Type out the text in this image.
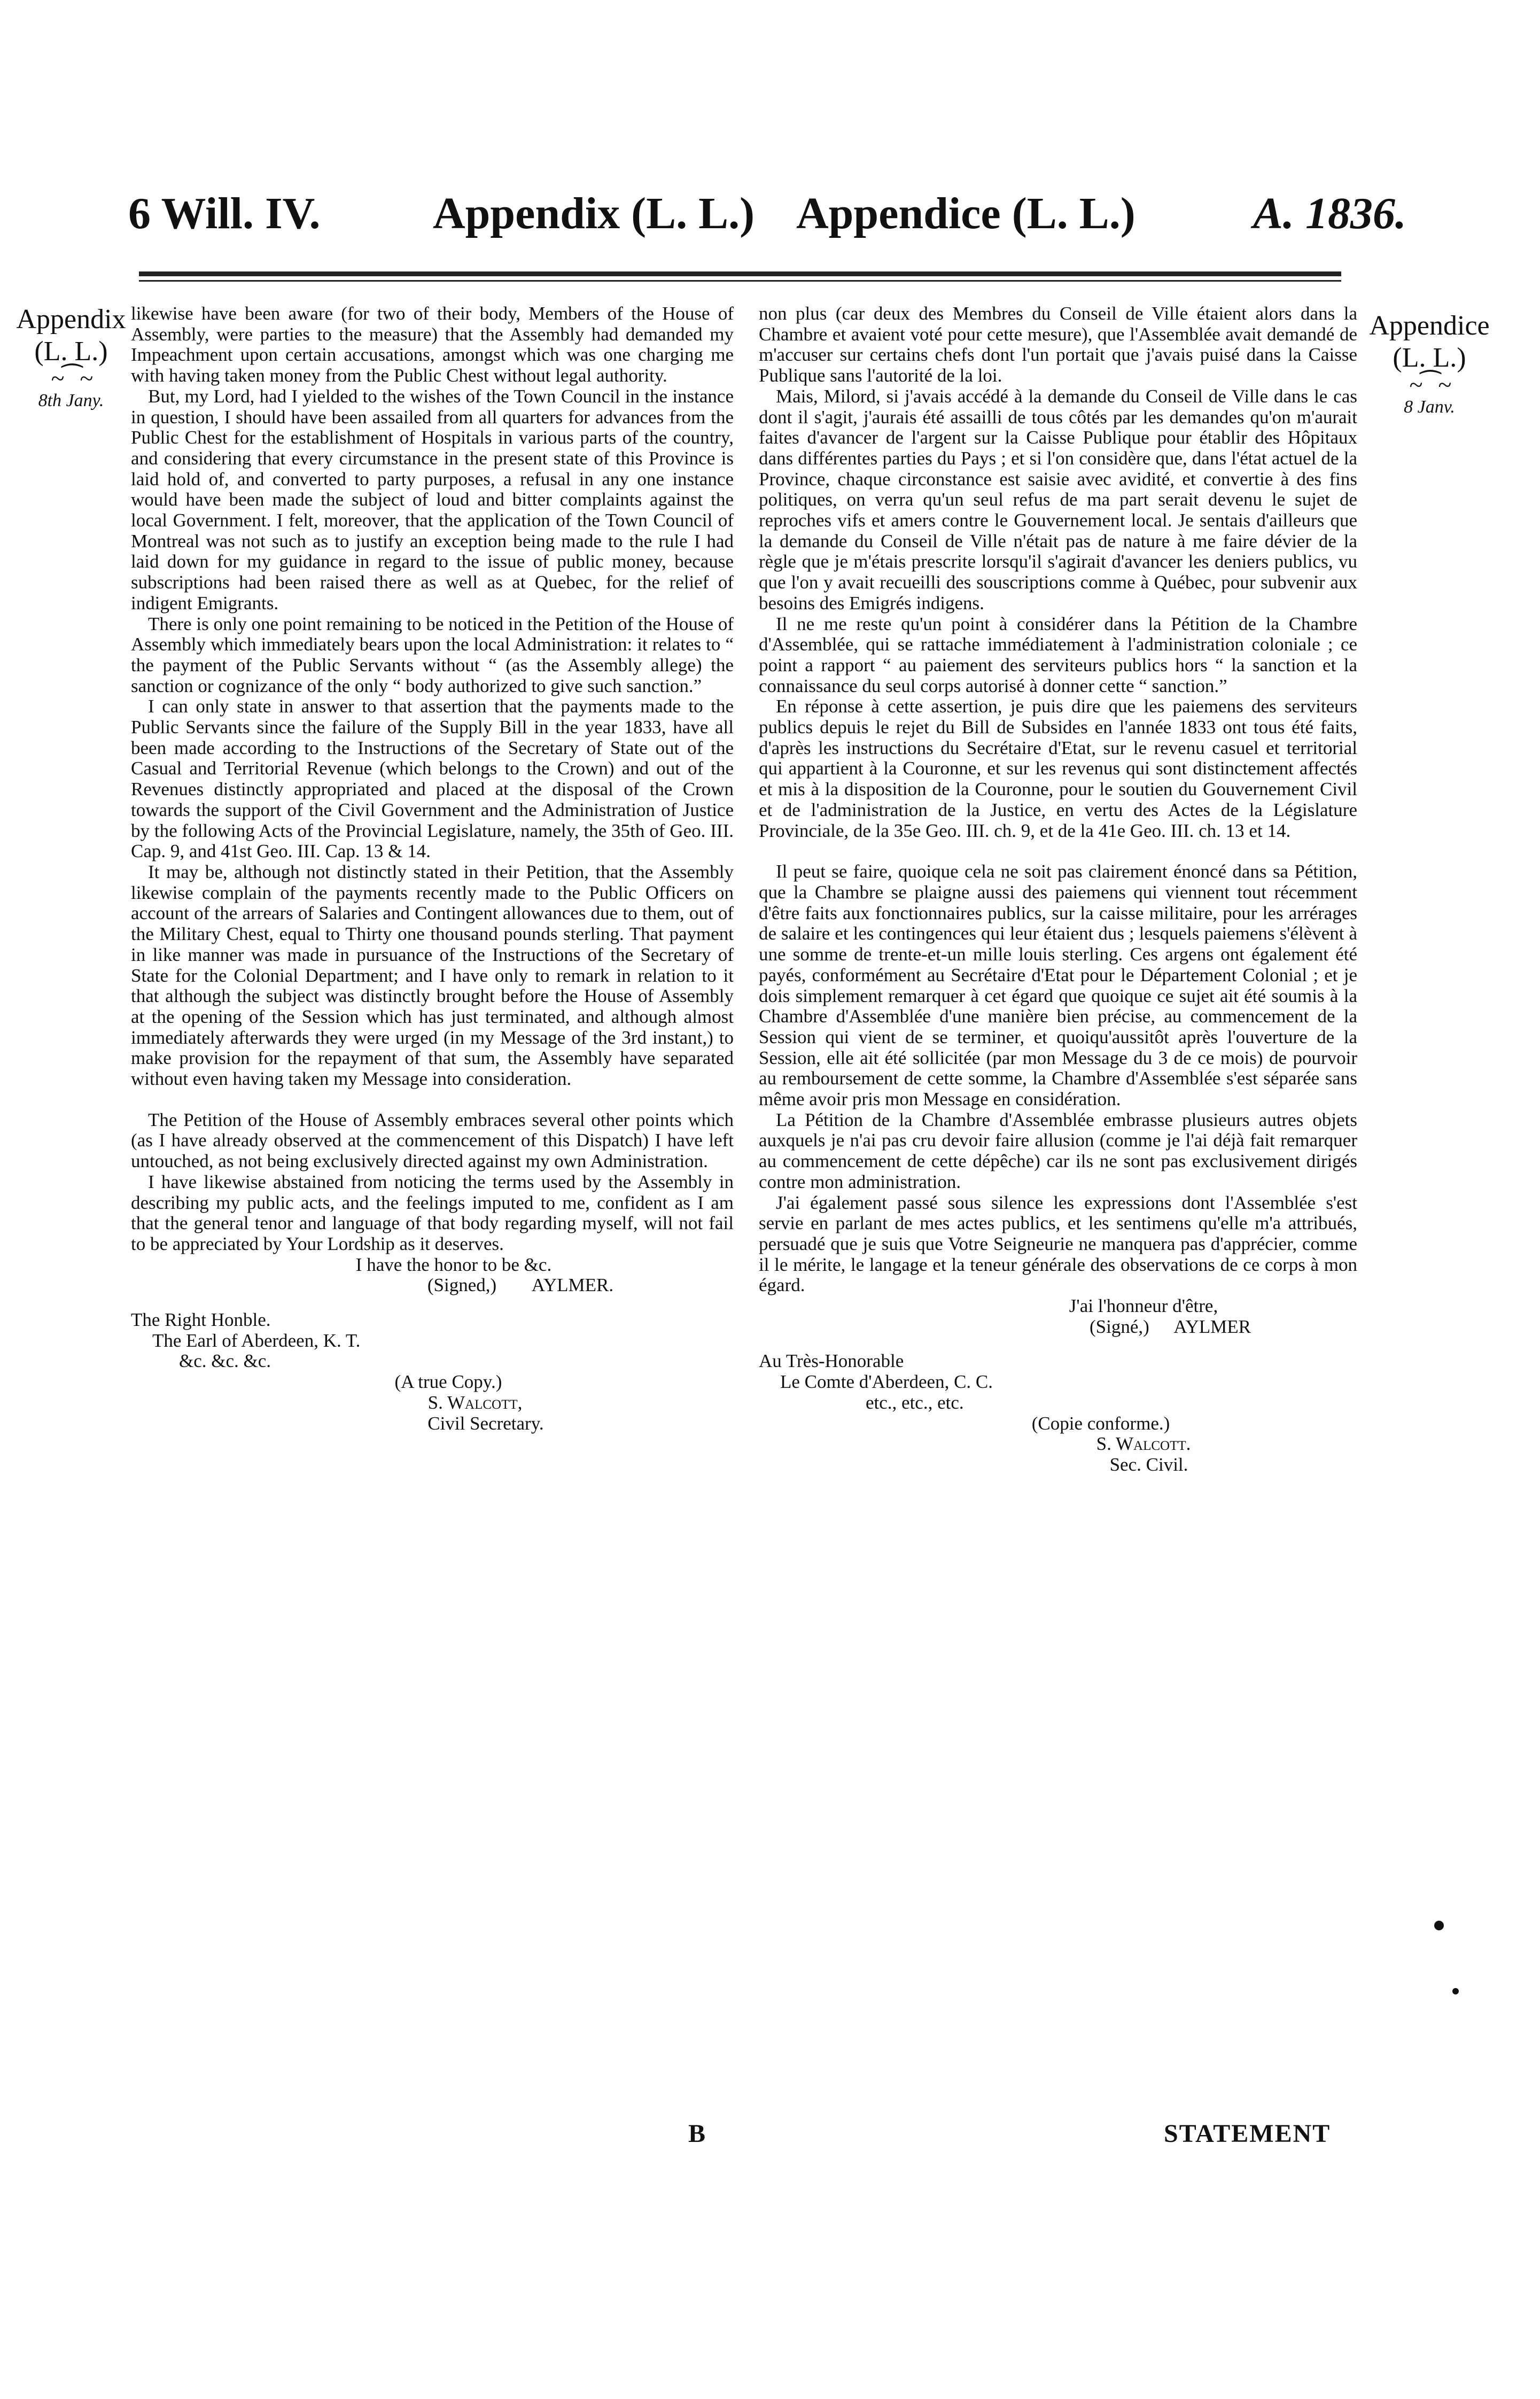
6 Will. IV.	Appendix (L. L.) Appendice (L. L.)	A. 1836.
Appendix
(L. L.)
~⁀~
8th Jany.
Appendice
(L. L.)
~⁀~
8 Janv.

likewise have been aware (for two of their body, Members of the House of Assembly, were parties to the measure) that the Assembly had demanded my Impeachment upon certain accusations, amongst which was one charging me with having taken money from the Public Chest without legal authority.

But, my Lord, had I yielded to the wishes of the Town Council in the instance in question, I should have been assailed from all quarters for advances from the Public Chest for the establishment of Hospitals in various parts of the country, and considering that every circumstance in the present state of this Province is laid hold of, and converted to party purposes, a refusal in any one instance would have been made the subject of loud and bitter complaints against the local Government. I felt, moreover, that the application of the Town Council of Montreal was not such as to justify an exception being made to the rule I had laid down for my guidance in regard to the issue of public money, because subscriptions had been raised there as well as at Quebec, for the relief of indigent Emigrants.

There is only one point remaining to be noticed in the Petition of the House of Assembly which immediately bears upon the local Administration: it relates to “ the payment of the Public Servants without “ (as the Assembly allege) the sanction or cognizance of the only “ body authorized to give such sanction.”

I can only state in answer to that assertion that the payments made to the Public Servants since the failure of the Supply Bill in the year 1833, have all been made according to the Instructions of the Secretary of State out of the Casual and Territorial Revenue (which belongs to the Crown) and out of the Revenues distinctly appropriated and placed at the disposal of the Crown towards the support of the Civil Government and the Administration of Justice by the following Acts of the Provincial Legislature, namely, the 35th of Geo. III. Cap. 9, and 41st Geo. III. Cap. 13 & 14.

It may be, although not distinctly stated in their Petition, that the Assembly likewise complain of the payments recently made to the Public Officers on account of the arrears of Salaries and Contingent allowances due to them, out of the Military Chest, equal to Thirty one thousand pounds sterling. That payment in like manner was made in pursuance of the Instructions of the Secretary of State for the Colonial Department; and I have only to remark in relation to it that although the subject was distinctly brought before the House of Assembly at the opening of the Session which has just terminated, and although almost immediately afterwards they were urged (in my Message of the 3rd instant,) to make provision for the repayment of that sum, the Assembly have separated without even having taken my Message into consideration.

The Petition of the House of Assembly embraces several other points which (as I have already observed at the commencement of this Dispatch) I have left untouched, as not being exclusively directed against my own Administration.

I have likewise abstained from noticing the terms used by the Assembly in describing my public acts, and the feelings imputed to me, confident as I am that the general tenor and language of that body regarding myself, will not fail to be appreciated by Your Lordship as it deserves.

I have the honor to be &c.

(Signed,) AYLMER.

The Right Honble.

The Earl of Aberdeen, K. T.

&c. &c. &c.

(A true Copy.)

S. Walcott,

Civil Secretary.

non plus (car deux des Membres du Conseil de Ville étaient alors dans la Chambre et avaient voté pour cette mesure), que l'Assemblée avait demandé de m'accuser sur certains chefs dont l'un portait que j'avais puisé dans la Caisse Publique sans l'autorité de la loi.

Mais, Milord, si j'avais accédé à la demande du Conseil de Ville dans le cas dont il s'agit, j'aurais été assailli de tous côtés par les demandes qu'on m'aurait faites d'avancer de l'argent sur la Caisse Publique pour établir des Hôpitaux dans différentes parties du Pays ; et si l'on considère que, dans l'état actuel de la Province, chaque circonstance est saisie avec avidité, et convertie à des fins politiques, on verra qu'un seul refus de ma part serait devenu le sujet de reproches vifs et amers contre le Gouvernement local. Je sentais d'ailleurs que la demande du Conseil de Ville n'était pas de nature à me faire dévier de la règle que je m'étais prescrite lorsqu'il s'agirait d'avancer les deniers publics, vu que l'on y avait recueilli des souscriptions comme à Québec, pour subvenir aux besoins des Emigrés indigens.

Il ne me reste qu'un point à considérer dans la Pétition de la Chambre d'Assemblée, qui se rattache immédiatement à l'administration coloniale ; ce point a rapport “ au paiement des serviteurs publics hors “ la sanction et la connaissance du seul corps autorisé à donner cette “ sanction.”

En réponse à cette assertion, je puis dire que les paiemens des serviteurs publics depuis le rejet du Bill de Subsides en l'année 1833 ont tous été faits, d'après les instructions du Secrétaire d'Etat, sur le revenu casuel et territorial qui appartient à la Couronne, et sur les revenus qui sont distinctement affectés et mis à la disposition de la Couronne, pour le soutien du Gouvernement Civil et de l'administration de la Justice, en vertu des Actes de la Législature Provinciale, de la 35e Geo. III. ch. 9, et de la 41e Geo. III. ch. 13 et 14.

Il peut se faire, quoique cela ne soit pas clairement énoncé dans sa Pétition, que la Chambre se plaigne aussi des paiemens qui viennent tout récemment d'être faits aux fonctionnaires publics, sur la caisse militaire, pour les arrérages de salaire et les contingences qui leur étaient dus ; lesquels paiemens s'élèvent à une somme de trente-et-un mille louis sterling. Ces argens ont également été payés, conformément au Secrétaire d'Etat pour le Département Colonial ; et je dois simplement remarquer à cet égard que quoique ce sujet ait été soumis à la Chambre d'Assemblée d'une manière bien précise, au commencement de la Session qui vient de se terminer, et quoiqu'aussitôt après l'ouverture de la Session, elle ait été sollicitée (par mon Message du 3 de ce mois) de pourvoir au remboursement de cette somme, la Chambre d'Assemblée s'est séparée sans même avoir pris mon Message en considération.

La Pétition de la Chambre d'Assemblée embrasse plusieurs autres objets auxquels je n'ai pas cru devoir faire allusion (comme je l'ai déjà fait remarquer au commencement de cette dépêche) car ils ne sont pas exclusivement dirigés contre mon administration.

J'ai également passé sous silence les expressions dont l'Assemblée s'est servie en parlant de mes actes publics, et les sentimens qu'elle m'a attribués, persuadé que je suis que Votre Seigneurie ne manquera pas d'apprécier, comme il le mérite, le langage et la teneur générale des observations de ce corps à mon égard.

J'ai l'honneur d'être,

(Signé,) AYLMER

Au Très-Honorable

Le Comte d'Aberdeen, C. C.

etc., etc., etc.

(Copie conforme.)

S. Walcott.

Sec. Civil.

B	STATEMENT
